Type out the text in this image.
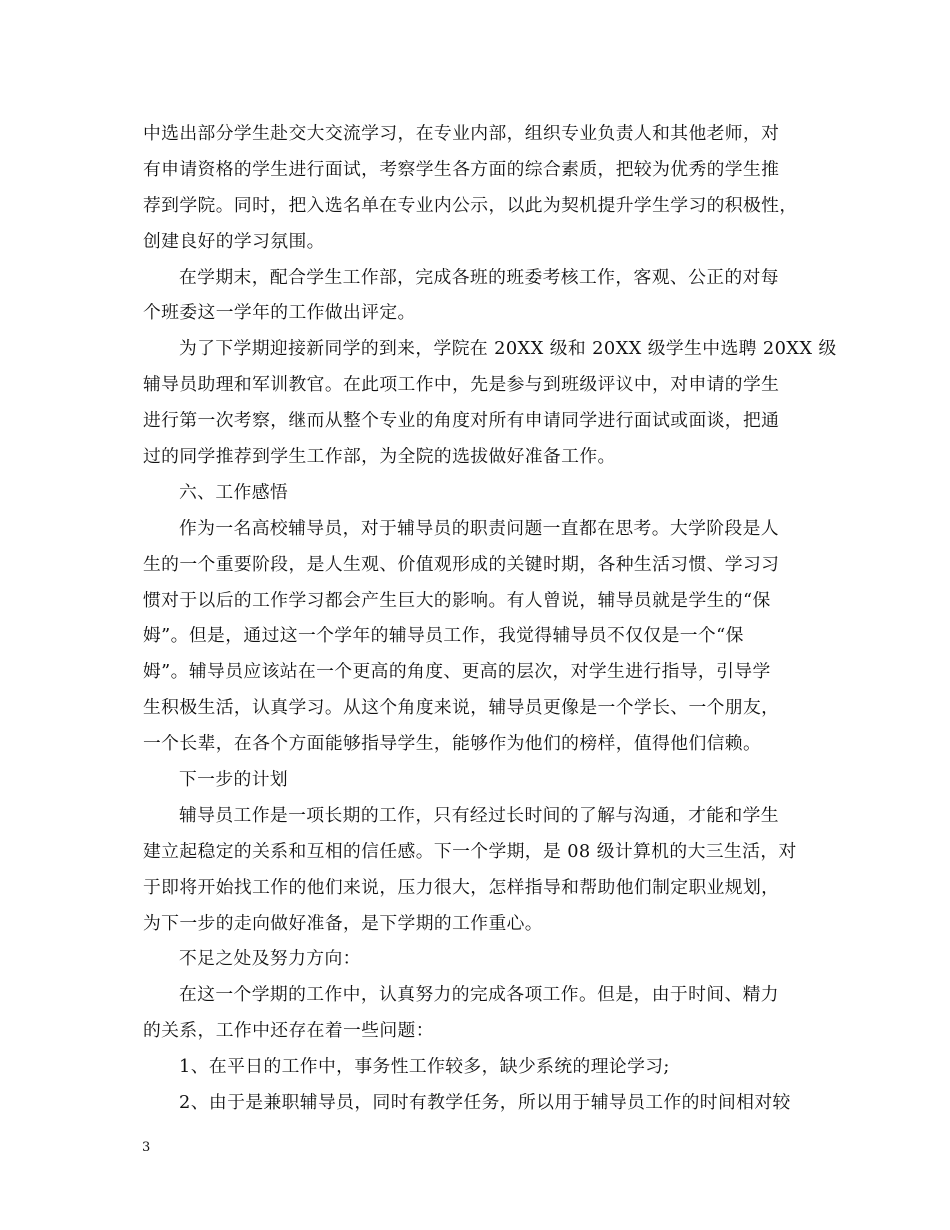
中选出部分学生赴交大交流学习，在专业内部，组织专业负责人和其他老师，对
有申请资格的学生进行面试，考察学生各方面的综合素质，把较为优秀的学生推
荐到学院。同时，把入选名单在专业内公示，以此为契机提升学生学习的积极性，
创建良好的学习氛围。
在学期末，配合学生工作部，完成各班的班委考核工作，客观、公正的对每
个班委这一学年的工作做出评定。
为了下学期迎接新同学的到来，学院在 20XX 级和 20XX 级学生中选聘 20XX 级
辅导员助理和军训教官。在此项工作中，先是参与到班级评议中，对申请的学生
进行第一次考察，继而从整个专业的角度对所有申请同学进行面试或面谈，把通
过的同学推荐到学生工作部，为全院的选拔做好准备工作。
六、工作感悟
作为一名高校辅导员，对于辅导员的职责问题一直都在思考。大学阶段是人
生的一个重要阶段，是人生观、价值观形成的关键时期，各种生活习惯、学习习
惯对于以后的工作学习都会产生巨大的影响。有人曾说，辅导员就是学生的“保
姆”。但是，通过这一个学年的辅导员工作，我觉得辅导员不仅仅是一个“保
姆”。辅导员应该站在一个更高的角度、更高的层次，对学生进行指导，引导学
生积极生活，认真学习。从这个角度来说，辅导员更像是一个学长、一个朋友，
一个长辈，在各个方面能够指导学生，能够作为他们的榜样，值得他们信赖。
下一步的计划
辅导员工作是一项长期的工作，只有经过长时间的了解与沟通，才能和学生
建立起稳定的关系和互相的信任感。下一个学期，是 08 级计算机的大三生活，对
于即将开始找工作的他们来说，压力很大，怎样指导和帮助他们制定职业规划，
为下一步的走向做好准备，是下学期的工作重心。
不足之处及努力方向：
在这一个学期的工作中，认真努力的完成各项工作。但是，由于时间、精力
的关系，工作中还存在着一些问题：
1、在平日的工作中，事务性工作较多，缺少系统的理论学习;
2、由于是兼职辅导员，同时有教学任务，所以用于辅导员工作的时间相对较
3
